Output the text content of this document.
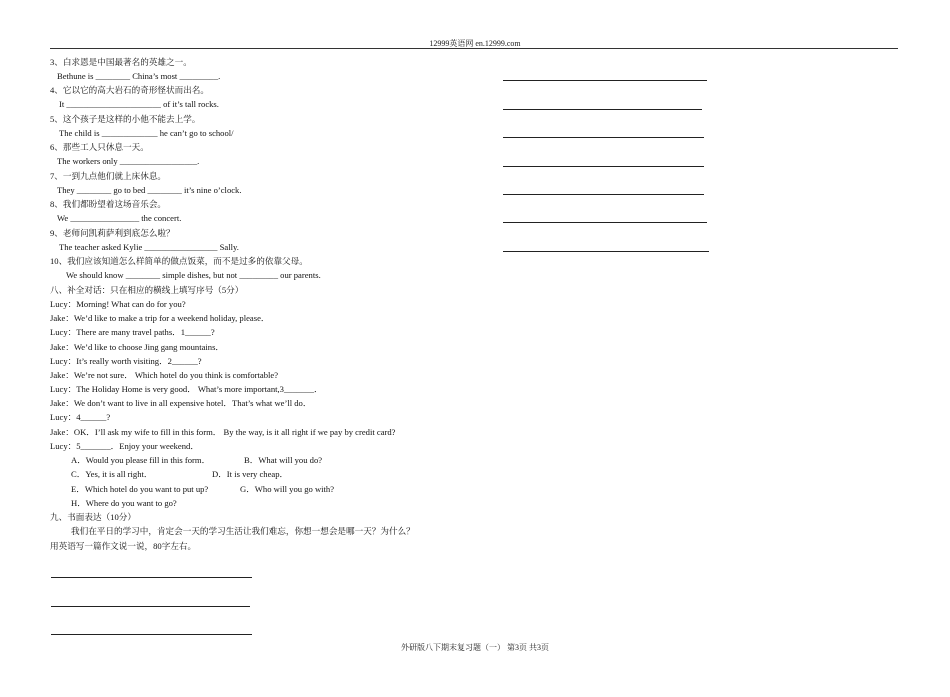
12999英语网 en.12999.com
3、白求恩是中国最著名的英雄之一。
Bethune is ________ China’s most _________.
4、它以它的高大岩石的奇形怪状而出名。
It ______________________ of it’s tall rocks.
5、这个孩子是这样的小他不能去上学。
The child is _____________ he can’t go to school/
6、那些工人只休息一天。
The workers only __________________.
7、一到九点他们就上床休息。
They ________ go to bed ________ it’s nine o’clock.
8、我们都盼望着这场音乐会。
We ________________ the concert.
9、老师问凯莉萨利到底怎么啦？
The teacher asked Kylie _________________ Sally.
10、我们应该知道怎么样简单的做点饭菜，而不是过多的依靠父母。
We should know ________ simple dishes, but not _________ our parents.
八、补全对话：只在相应的横线上填写序号（5分）
Lucy：Morning! What can do for you?
Jake：We’d like to make a trip for a weekend holiday, please．
Lucy：There are many travel paths．1______?
Jake：We’d like to choose Jing gang mountains．
Lucy：It’s really worth visiting．2______?
Jake：We’re not sure． Which hotel do you think is comfortable?
Lucy：The Holiday Home is very good． What’s more important,3_______．
Jake：We don’t want to live in all expensive hotel．That’s what we’ll do．
Lucy：4______?
Jake：OK．I’ll ask my wife to fill in this form． By the way, is it all right if we pay by credit card?
Lucy：5_______．Enjoy your weekend．
A．Would you please fill in this form．	B．What will you do?
C．Yes, it is all right．	D．It is very cheap．
E．Which hotel do you want to put up?	G．Who will you go with?
H．Where do you want to go?
九、书面表达（10分）
我们在平日的学习中，肯定会一天的学习生活让我们难忘，你想一想会是哪一天？为什么？
用英语写一篇作文说一说，80字左右。
外研版八下期末复习题（一） 第3页 共3页
